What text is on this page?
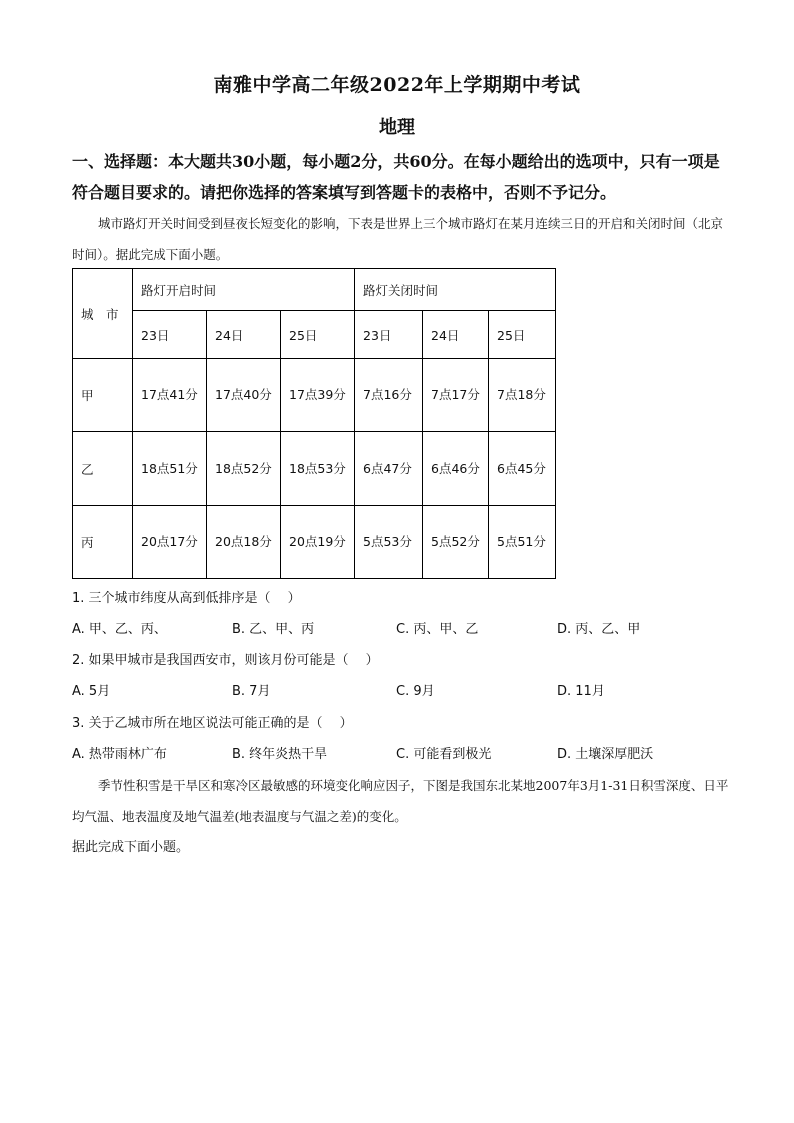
南雅中学高二年级2022年上学期期中考试
地理
一、选择题：本大题共30小题，每小题2分，共60分。在每小题给出的选项中，只有一项是符合题目要求的。请把你选择的答案填写到答题卡的表格中，否则不予记分。
城市路灯开关时间受到昼夜长短变化的影响，下表是世界上三个城市路灯在某月连续三日的开启和关闭时间（北京时间）。据此完成下面小题。
城　市	路灯开启时间			路灯关闭时间		
	23日	24日	25日	23日	24日	25日
甲	17点41分	17点40分	17点39分	7点16分	7点17分	7点18分

乙	18点51分	18点52分	18点53分	6点47分	6点46分	6点45分

丙	20点17分	20点18分	20点19分	5点53分	5点52分	5点51分
1. 三个城市纬度从高到低排序是（　 ）
A. 甲、乙、丙、	B. 乙、甲、丙	C. 丙、甲、乙	D. 丙、乙、甲
2. 如果甲城市是我国西安市，则该月份可能是（　 ）
A. 5月	B. 7月	C. 9月	D. 11月
3. 关于乙城市所在地区说法可能正确的是（　 ）
A. 热带雨林广布	B. 终年炎热干旱	C. 可能看到极光	D. 土壤深厚肥沃
季节性积雪是干旱区和寒冷区最敏感的环境变化响应因子，下图是我国东北某地2007年3月1-31日积雪深度、日平均气温、地表温度及地气温差(地表温度与气温之差)的变化。
据此完成下面小题。
